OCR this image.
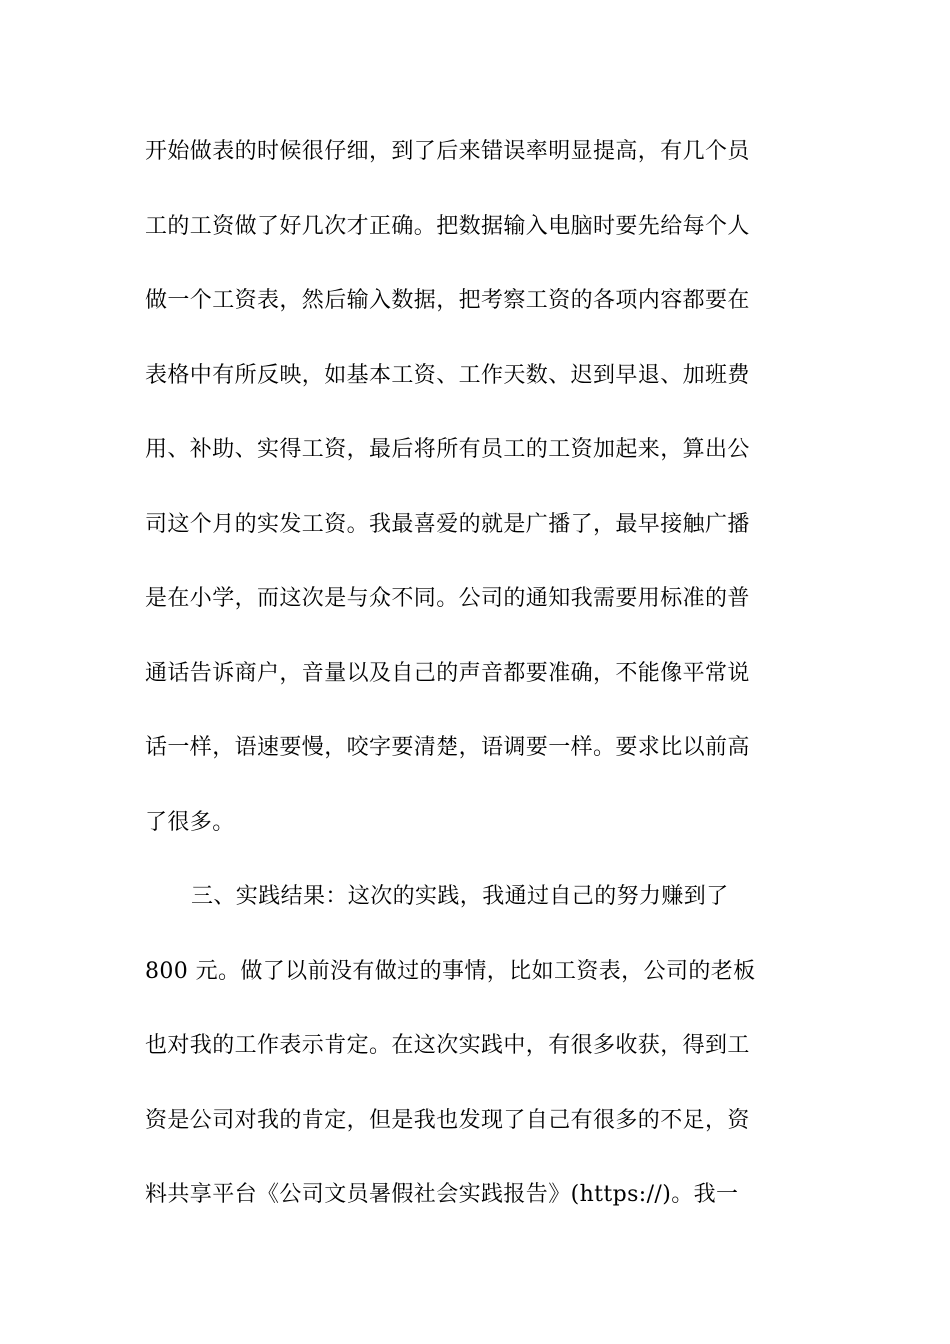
开始做表的时候很仔细，到了后来错误率明显提高，有几个员
工的工资做了好几次才正确。把数据输入电脑时要先给每个人
做一个工资表，然后输入数据，把考察工资的各项内容都要在
表格中有所反映，如基本工资、工作天数、迟到早退、加班费
用、补助、实得工资，最后将所有员工的工资加起来，算出公
司这个月的实发工资。我最喜爱的就是广播了，最早接触广播
是在小学，而这次是与众不同。公司的通知我需要用标准的普
通话告诉商户，音量以及自己的声音都要准确，不能像平常说
话一样，语速要慢，咬字要清楚，语调要一样。要求比以前高
了很多。
三、实践结果：这次的实践，我通过自己的努力赚到了
800 元。做了以前没有做过的事情，比如工资表，公司的老板
也对我的工作表示肯定。在这次实践中，有很多收获，得到工
资是公司对我的肯定，但是我也发现了自己有很多的不足，资
料共享平台《公司文员暑假社会实践报告》(https://)。我一
